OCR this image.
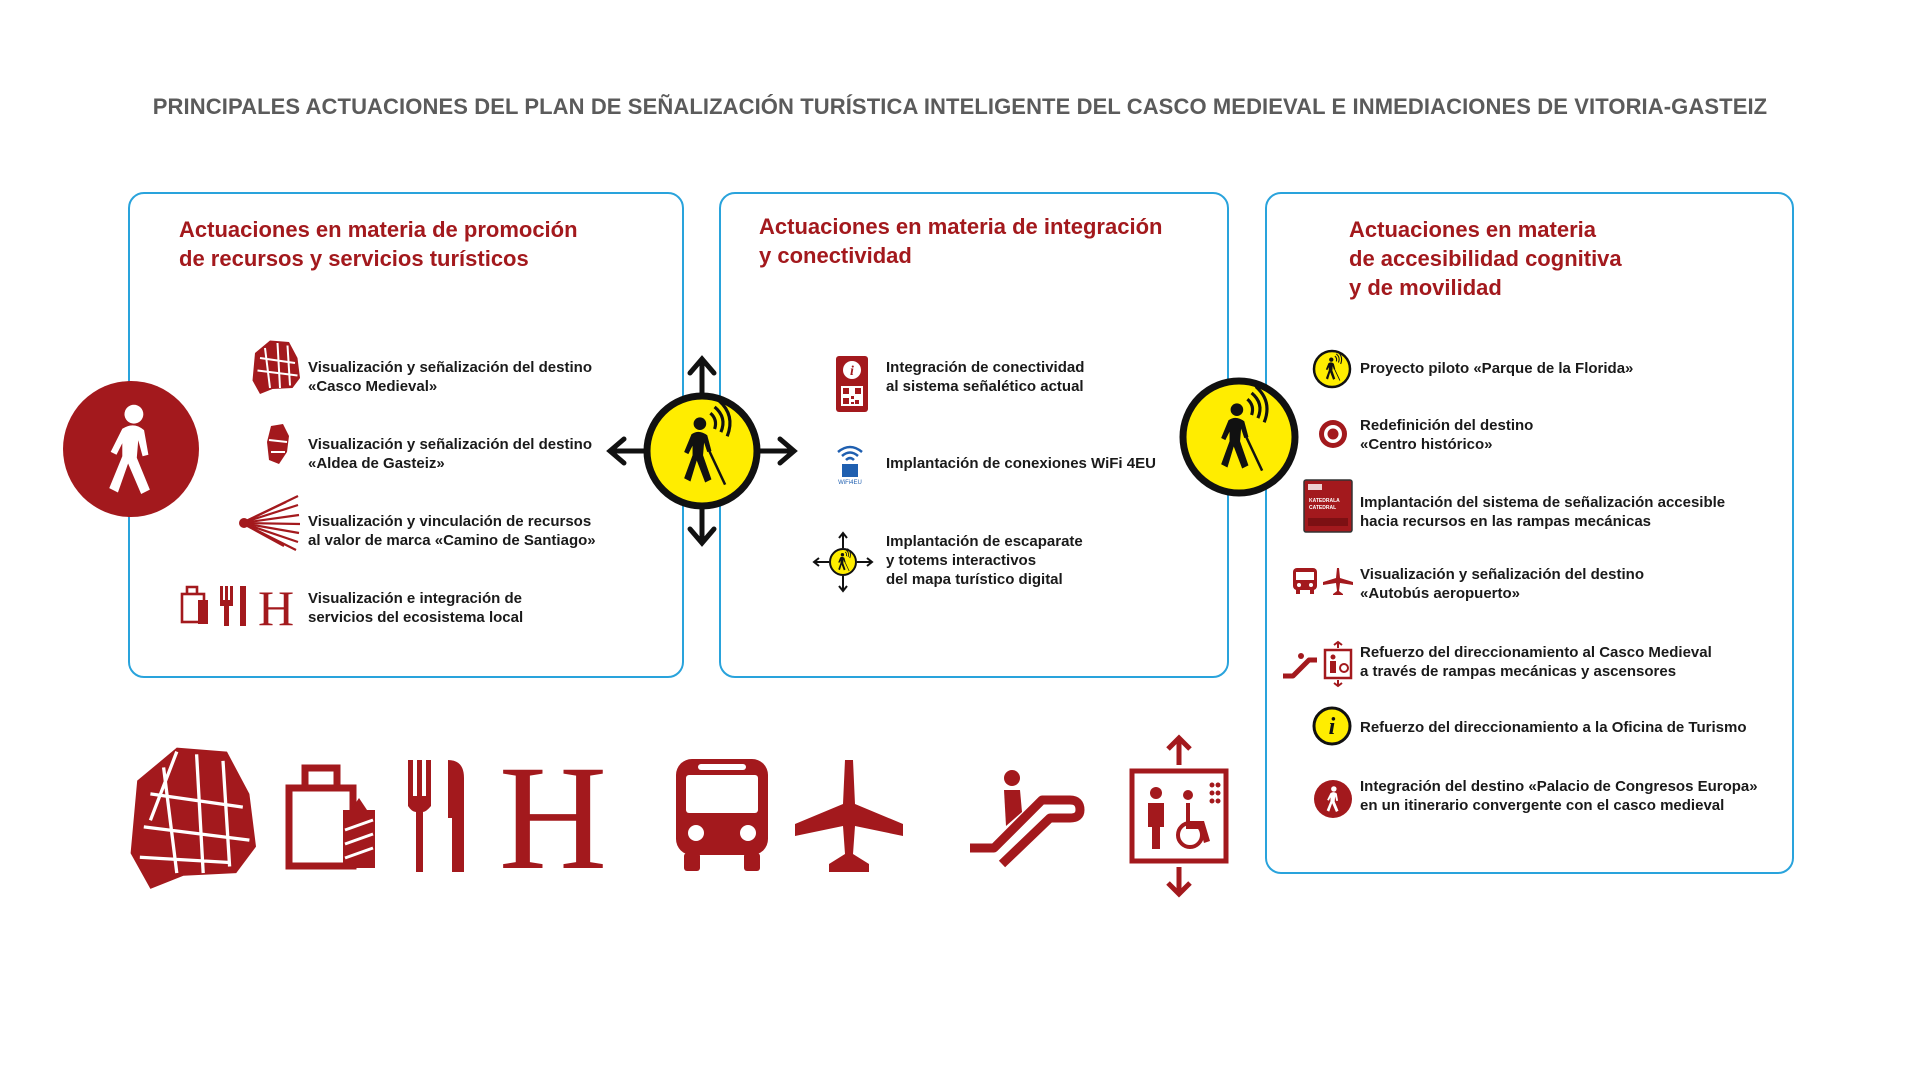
PRINCIPALES ACTUACIONES DEL PLAN DE SEÑALIZACIÓN TURÍSTICA INTELIGENTE DEL CASCO MEDIEVAL E INMEDIACIONES DE VITORIA-GASTEIZ
Actuaciones en materia de promoción
de recursos y servicios turísticos
Visualización y señalización del destino
«Casco Medieval»
Visualización y señalización del destino
«Aldea de Gasteiz»
Visualización y vinculación de recursos
al valor de marca «Camino de Santiago»
H Visualización e integración de
servicios del ecosistema local
Actuaciones en materia de integración
y conectividad
i Integración de conectividad
al sistema señalético actual
WiFi4EU
Implantación de conexiones WiFi 4EU
Implantación de escaparate
y totems interactivos
del mapa turístico digital
Actuaciones en materia
de accesibilidad cognitiva
y de movilidad
Proyecto piloto «Parque de la Florida»
Redefinición del destino
«Centro histórico»
KATEDRALA
CATEDRAL Implantación del sistema de señalización accesible
hacia recursos en las rampas mecánicas
Visualización y señalización del destino
«Autobús aeropuerto»
Refuerzo del direccionamiento al Casco Medieval
a través de rampas mecánicas y ascensores
i Refuerzo del direccionamiento a la Oficina de Turismo
Integración del destino «Palacio de Congresos Europa»
en un itinerario convergente con el casco medieval
H
